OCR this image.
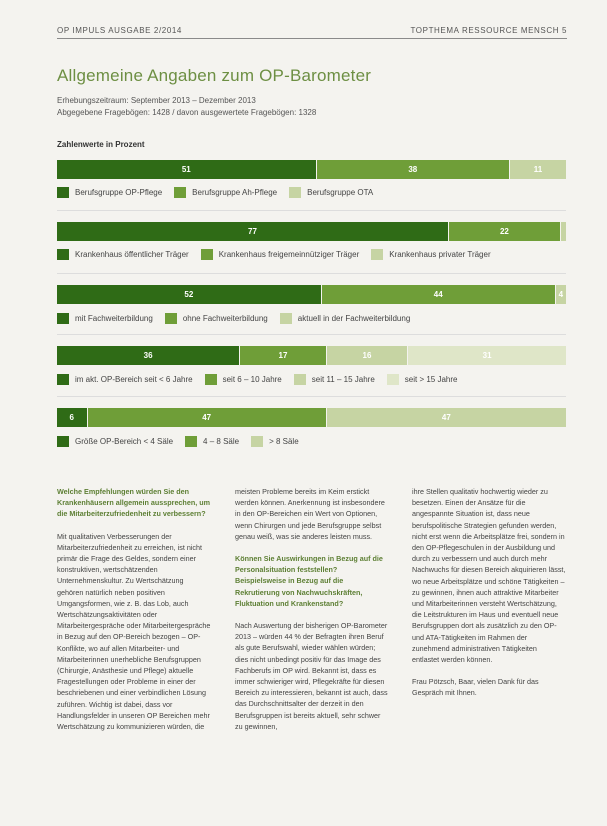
OP IMPULS AUSGABE 2/2014	TOPTHEMA RESSOURCE MENSCH 5
Allgemeine Angaben zum OP-Barometer
Erhebungszeitraum: September 2013 – Dezember 2013
Abgegebene Fragebögen: 1428 / davon ausgewertete Fragebögen: 1328
Zahlenwerte in Prozent
51	38	11
Berufsgruppe OP-Pflege	Berufsgruppe Ah-Pflege	Berufsgruppe OTA
77	22
Krankenhaus öffentlicher Träger	Krankenhaus freigemeinnütziger Träger	Krankenhaus privater Träger
52	44	4
mit Fachweiterbildung	ohne Fachweiterbildung	aktuell in der Fachweiterbildung
36	17	16	31
im akt. OP-Bereich seit < 6 Jahre	seit 6 – 10 Jahre	seit 11 – 15 Jahre	seit > 15 Jahre
6	47	47
Größe OP-Bereich < 4 Säle	4 – 8 Säle	> 8 Säle

Welche Empfehlungen würden Sie den Krankenhäusern allgemein aussprechen, um die Mitarbeiterzufriedenheit zu verbessern?

Mit qualitativen Verbesserungen der Mitarbeiterzufriedenheit zu erreichen, ist nicht primär die Frage des Geldes, sondern einer konstruktiven, wertschätzenden Unternehmenskultur. Zu Wertschätzung gehören natürlich neben positiven Umgangsformen, wie z. B. das Lob, auch Wertschätzungsaktivitäten oder Mitarbeitergespräche oder Mitarbeitergespräche in Bezug auf den OP-Bereich bezogen – OP-Konflikte, wo auf allen Mitarbeiter- und Mitarbeiterinnen unerhebliche Berufsgruppen (Chirurgie, Anästhesie und Pflege) aktuelle Fragestellungen oder Probleme in einer der beschriebenen und einer verbindlichen Lösung zuführen. Wichtig ist dabei, dass vor Handlungsfelder in unseren OP Bereichen mehr Wertschätzung zu kommunizieren würden, die

meisten Probleme bereits im Keim erstickt werden können. Anerkennung ist insbesondere in den OP-Bereichen ein Wert von Optionen, wenn Chirurgen und jede Berufsgruppe selbst genau weiß, was sie anderes leisten muss.

Können Sie Auswirkungen in Bezug auf die Personalsituation feststellen? Beispielsweise in Bezug auf die Rekrutierung von Nachwuchskräften, Fluktuation und Krankenstand?

Nach Auswertung der bisherigen OP-Barometer 2013 – würden 44 % der Befragten ihren Beruf als gute Berufswahl, wieder wählen würden; dies nicht unbedingt positiv für das Image des Fachberufs im OP wird. Bekannt ist, dass es immer schwieriger wird, Pflegekräfte für diesen Bereich zu interessieren, bekannt ist auch, dass das Durchschnittsalter der derzeit in den Berufsgruppen ist bereits aktuell, sehr schwer zu gewinnen,

ihre Stellen qualitativ hochwertig wieder zu besetzen. Einen der Ansätze für die angespannte Situation ist, dass neue berufspolitische Strategien gefunden werden, nicht erst wenn die Arbeitsplätze frei, sondern in den OP-Pflegeschulen in der Ausbildung und durch zu verbessern und auch durch mehr Nachwuchs für diesen Bereich akquirieren lässt, wo neue Arbeitsplätze und schöne Tätigkeiten – zu gewinnen, ihnen auch attraktive Mitarbeiter und Mitarbeiterinnen versteht Wertschätzung, die Leitstrukturen im Haus und eventuell neue Berufsgruppen dort als zusätzlich zu den OP- und ATA-Tätigkeiten im Rahmen der zunehmend administrativen Tätigkeiten entlastet werden können.

Frau Pötzsch, Baar, vielen Dank für das Gespräch mit Ihnen.
